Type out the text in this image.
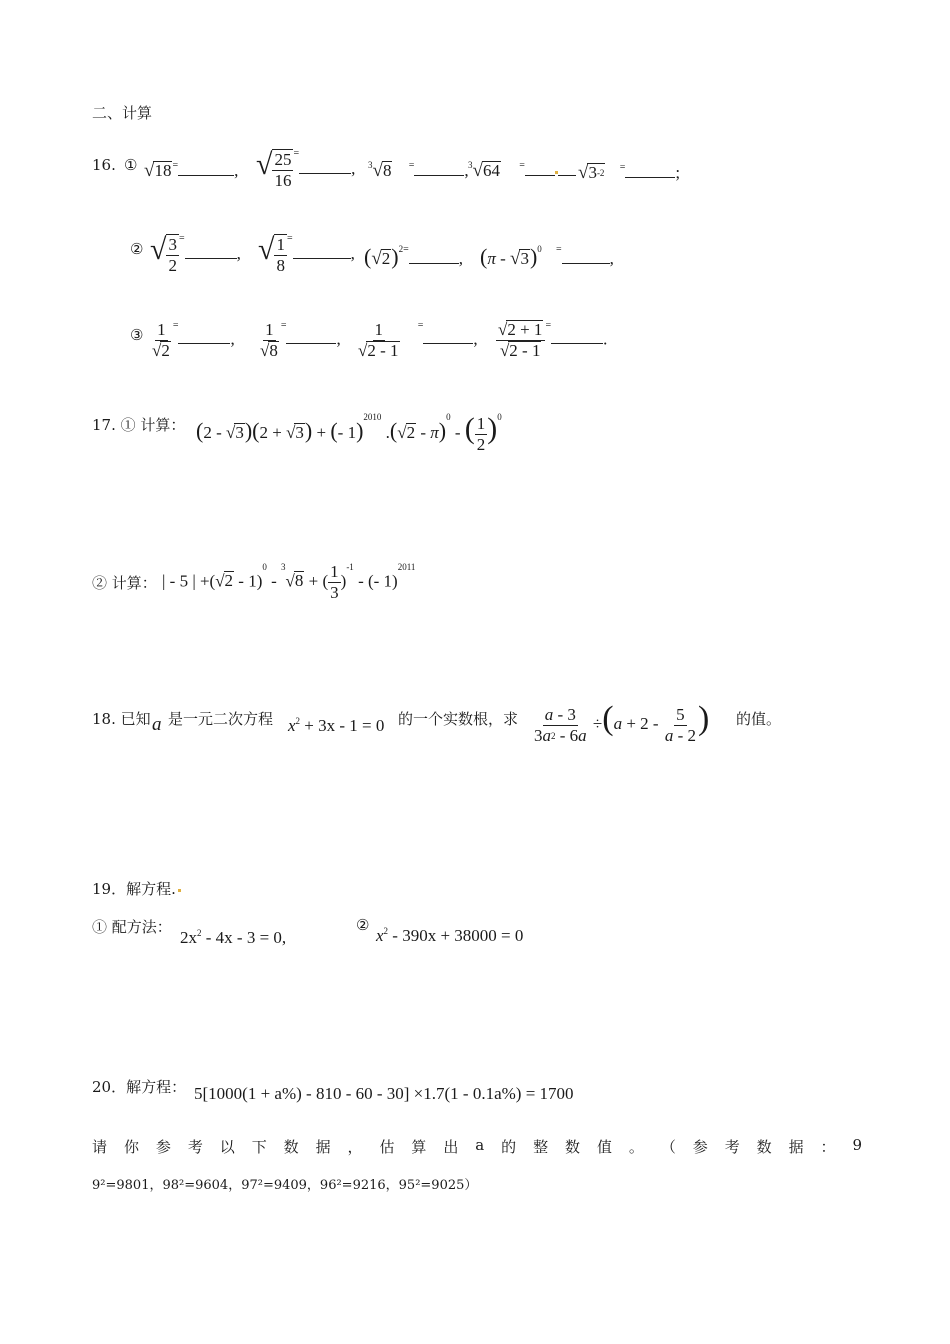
二、计算
16. ① √18=	, √ $\frac{25}{16} ^=$, $^3$√8 =	, $^3$√64 =	$√3^{-2}$ =	;
② √ $\frac{3}{2} ^=$, √ $\frac{1}{8} ^=$, $(√2)^{2=}$	, (π - √3)$^0$ =	,
③ $\frac{1}{√2} ^=$, $\frac{1}{√8} ^=$, $\frac{1}{√2 - 1} ^=$, $\frac{√2 + 1}{√2 - 1} ^=$.
17. ① 计算： (2 - √3)(2 + √3) + (- 1)$^{2010}$ .(√2 - π)$^0$ - ( $\frac{1}{2} )^0$
② 计算： | - 5 | +(√2 - 1)$^0$ - $^3$√8 + ( $\frac{1}{3} )^{-1}$ - (- 1)$^{2011}$
18. 已知 a 是一元二次方程 $x^2 + 3x - 1 = 0$ 的一个实数根，求 $\frac{a - 3}{3a^2 - 6a} \div(a + 2 - \frac{5}{a - 2}$ ) 的值。
19．解方程.
① 配方法：
$2x^2 - 4x - 3 = 0$,
②
$x^2 - 390x + 38000 = 0$
20．解方程： 5[1000(1 + a%) - 810 - 60 - 30] ×1.7(1 - 0.1a%) = 1700
请 你 参 考 以 下 数 据 ， 估 算 出 a 的 整 数 值 。 （ 参 考 数 据 ： 9
9²=9801，98²=9604，97²=9409，96²=9216，95²=9025）
